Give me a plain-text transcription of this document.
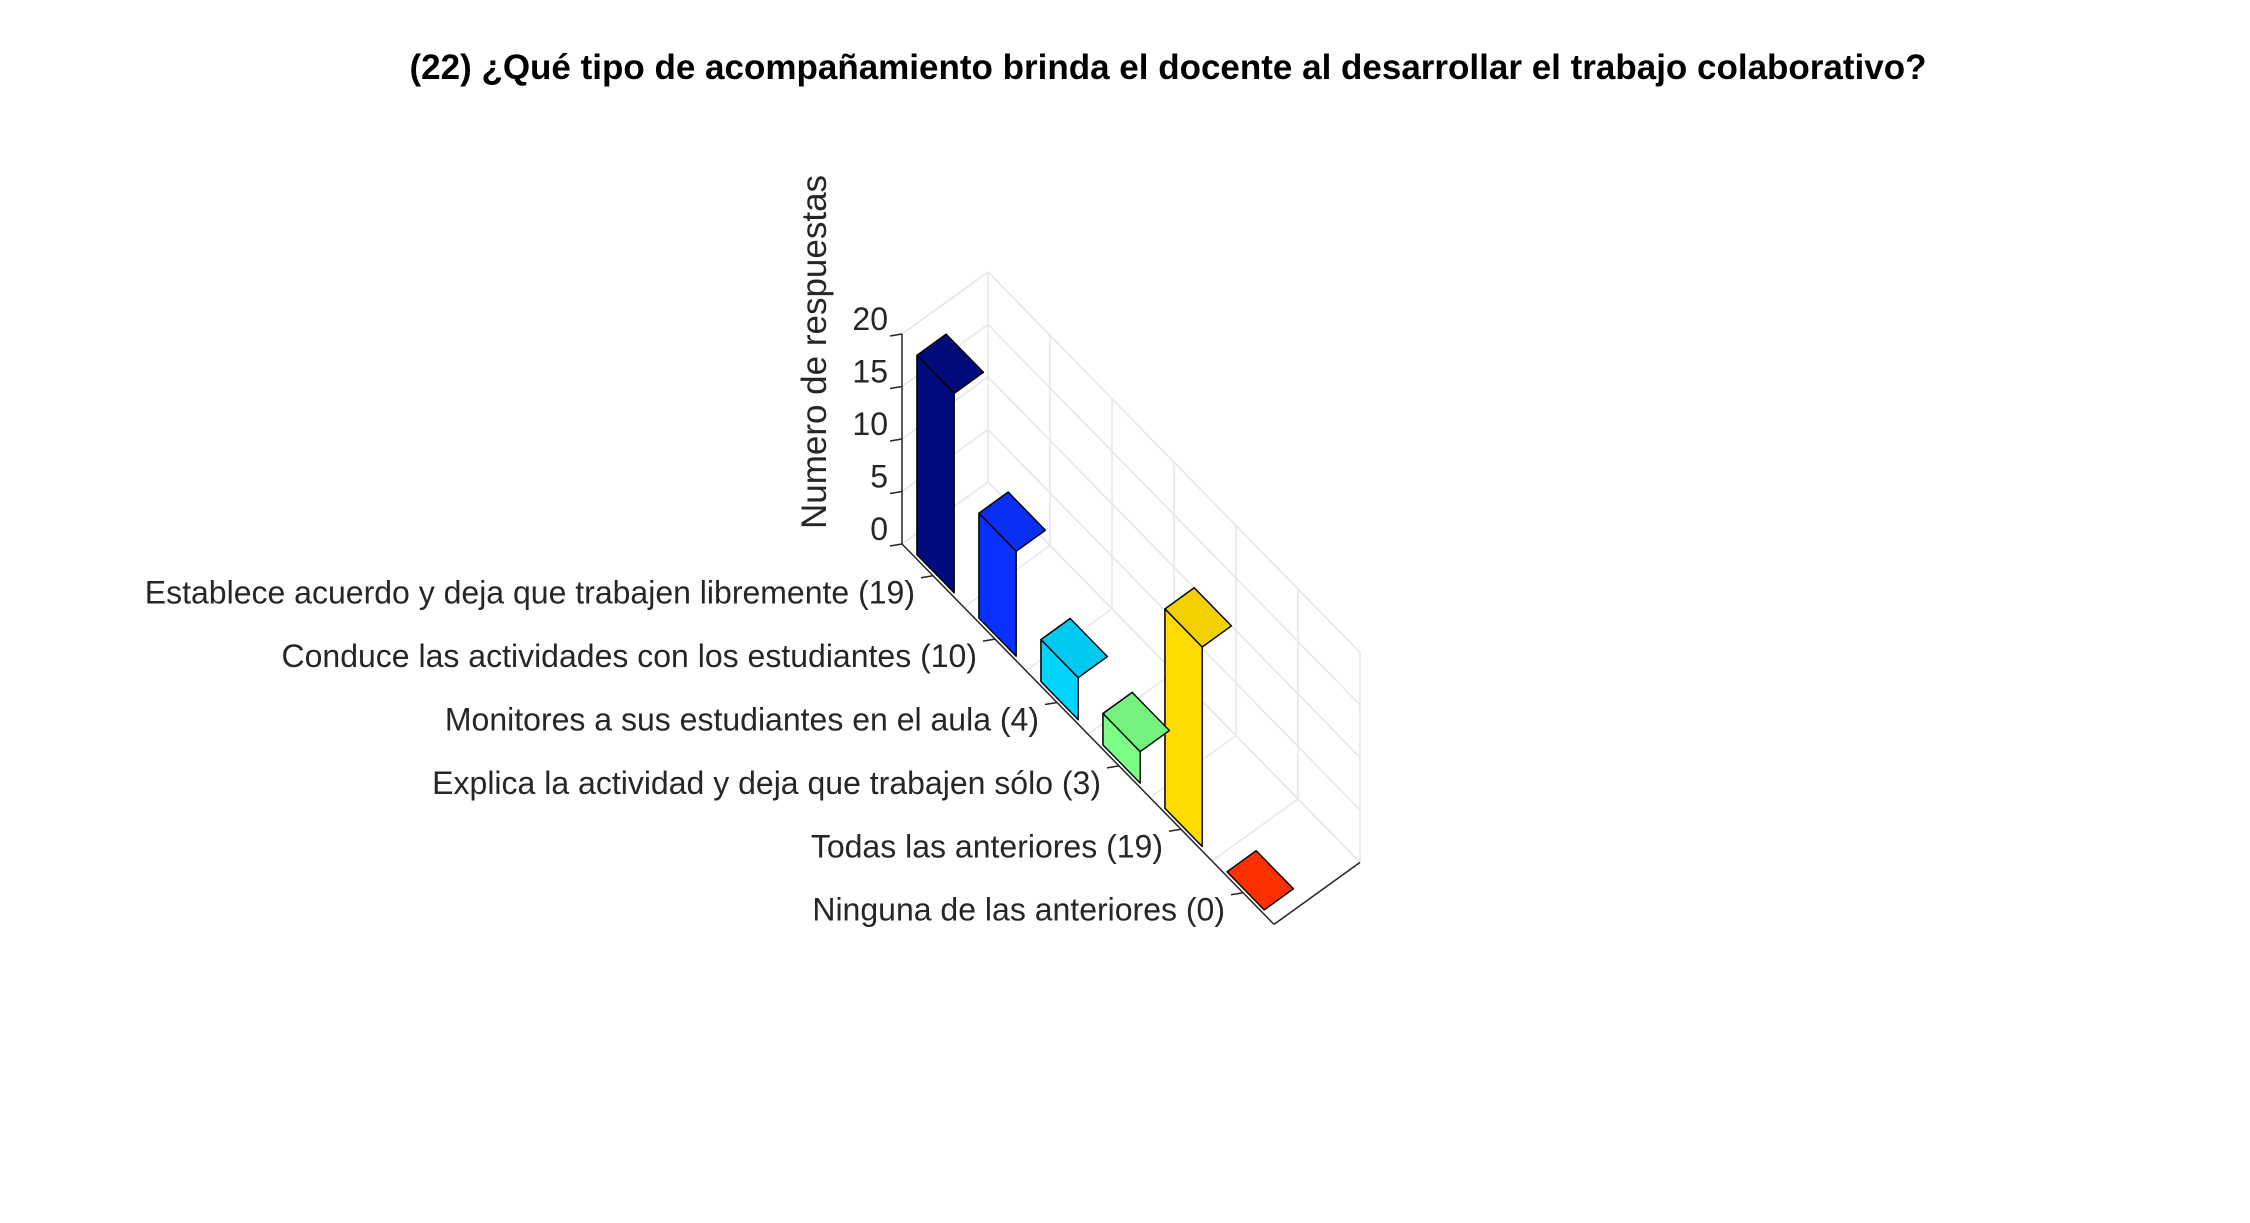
(22) ¿Qué tipo de acompañamiento brinda el docente al desarrollar el trabajo colaborativo?
0
5
10
15
20
Establece acuerdo y deja que trabajen libremente (19)
Conduce las actividades con los estudiantes (10)
Monitores a sus estudiantes en el aula (4)
Explica la actividad y deja que trabajen sólo (3)
Todas las anteriores (19)
Ninguna de las anteriores (0)
Numero de respuestas
